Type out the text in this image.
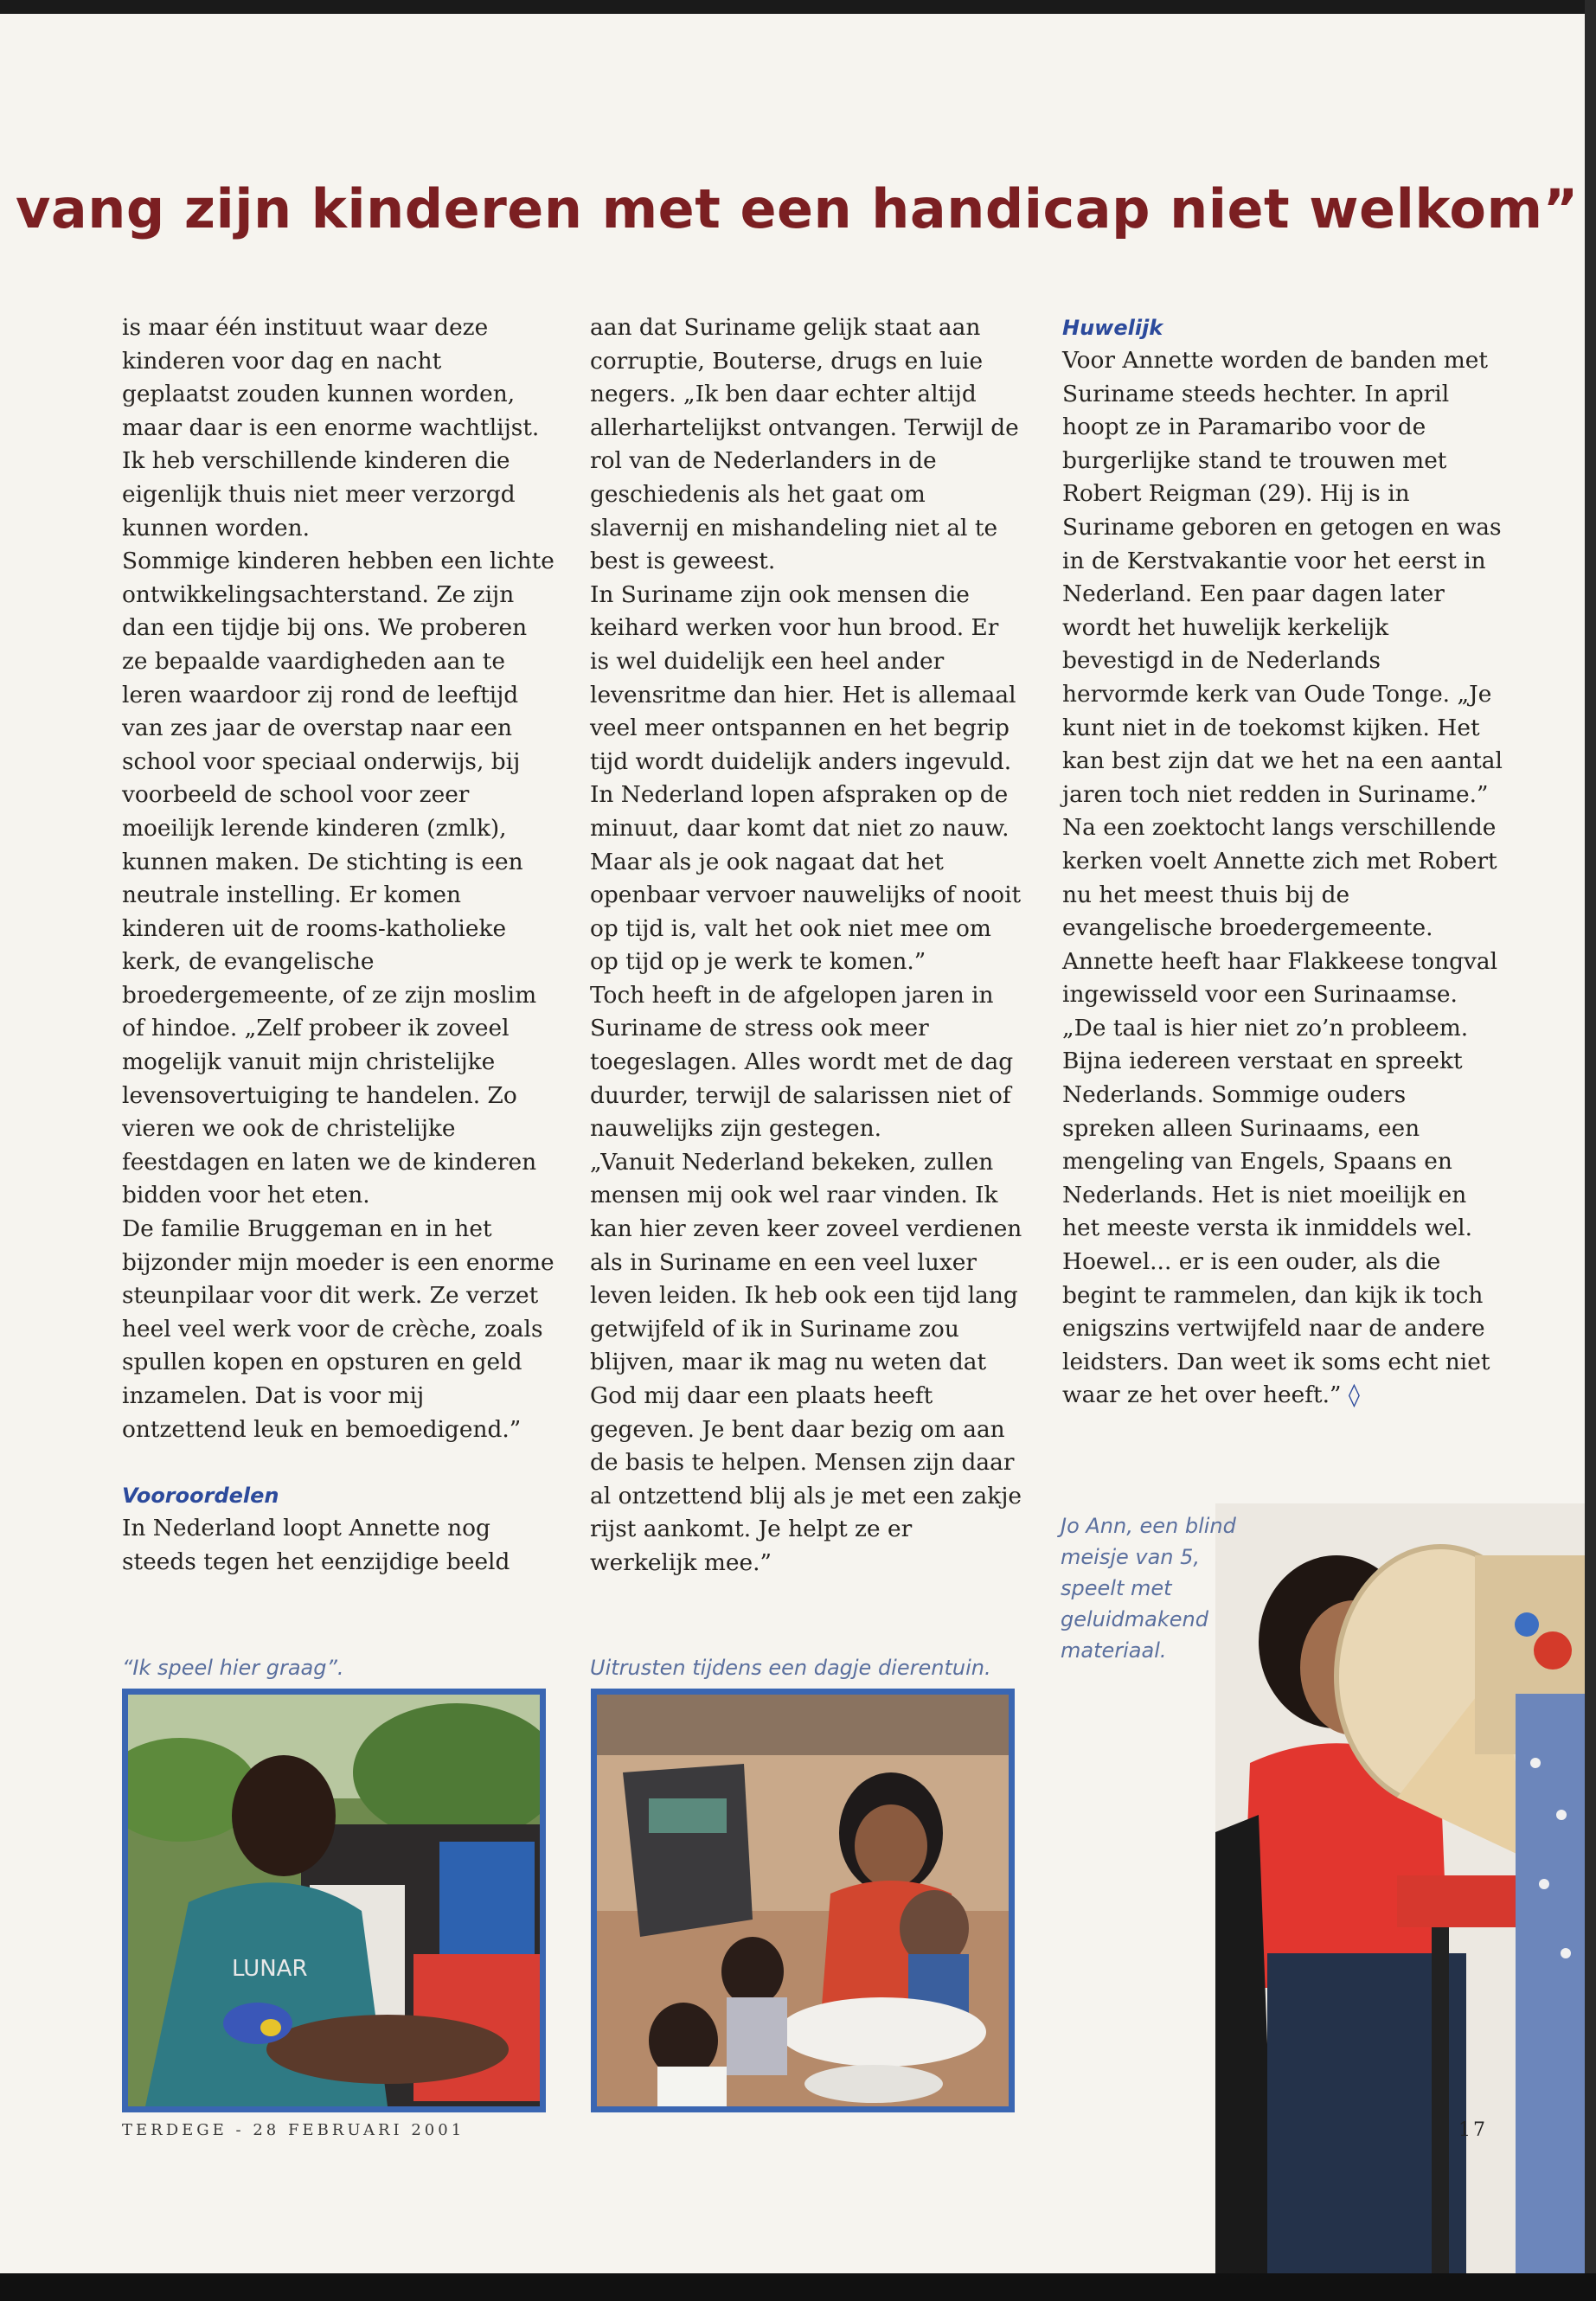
vang zijn kinderen met een handicap niet welkom”

is maar één instituut waar deze kinderen voor dag en nacht geplaatst zouden kunnen worden, maar daar is een enorme wachtlijst. Ik heb verschillende kinderen die eigenlijk thuis niet meer verzorgd kunnen worden.

Sommige kinderen hebben een lichte ontwikkelingsachterstand. Ze zijn dan een tijdje bij ons. We proberen ze bepaalde vaardigheden aan te leren waardoor zij rond de leeftijd van zes jaar de overstap naar een school voor speciaal onderwijs, bij voorbeeld de school voor zeer moeilijk lerende kinderen (zmlk), kunnen maken. De stichting is een neutrale instelling. Er komen kinderen uit de rooms-katholieke kerk, de evangelische broedergemeente, of ze zijn moslim of hindoe. „Zelf probeer ik zoveel mogelijk vanuit mijn christelijke levensovertuiging te handelen. Zo vieren we ook de christelijke feestdagen en laten we de kinderen bidden voor het eten.

De familie Bruggeman en in het bijzonder mijn moeder is een enorme steunpilaar voor dit werk. Ze verzet heel veel werk voor de crèche, zoals spullen kopen en opsturen en geld inzamelen. Dat is voor mij ontzettend leuk en bemoedigend.”

Vooroordelen

In Nederland loopt Annette nog steeds tegen het eenzijdige beeld

aan dat Suriname gelijk staat aan corruptie, Bouterse, drugs en luie negers. „Ik ben daar echter altijd allerhartelijkst ontvangen. Terwijl de rol van de Nederlanders in de geschiedenis als het gaat om slavernij en mishandeling niet al te best is geweest.

In Suriname zijn ook mensen die keihard werken voor hun brood. Er is wel duidelijk een heel ander levensritme dan hier. Het is allemaal veel meer ontspannen en het begrip tijd wordt duidelijk anders ingevuld. In Nederland lopen afspraken op de minuut, daar komt dat niet zo nauw. Maar als je ook nagaat dat het openbaar vervoer nauwelijks of nooit op tijd is, valt het ook niet mee om op tijd op je werk te komen.”

Toch heeft in de afgelopen jaren in Suriname de stress ook meer toegeslagen. Alles wordt met de dag duurder, terwijl de salarissen niet of nauwelijks zijn gestegen.

„Vanuit Nederland bekeken, zullen mensen mij ook wel raar vinden. Ik kan hier zeven keer zoveel verdienen als in Suriname en een veel luxer leven leiden. Ik heb ook een tijd lang getwijfeld of ik in Suriname zou blijven, maar ik mag nu weten dat God mij daar een plaats heeft gegeven. Je bent daar bezig om aan de basis te helpen. Mensen zijn daar al ontzettend blij als je met een zakje rijst aankomt. Je helpt ze er werkelijk mee.”

Huwelijk

Voor Annette worden de banden met Suriname steeds hechter. In april hoopt ze in Paramaribo voor de burgerlijke stand te trouwen met Robert Reigman (29). Hij is in Suriname geboren en getogen en was in de Kerstvakantie voor het eerst in Nederland. Een paar dagen later wordt het huwelijk kerkelijk bevestigd in de Nederlands hervormde kerk van Oude Tonge. „Je kunt niet in de toekomst kijken. Het kan best zijn dat we het na een aantal jaren toch niet redden in Suriname.” Na een zoektocht langs verschillende kerken voelt Annette zich met Robert nu het meest thuis bij de evangelische broedergemeente.

Annette heeft haar Flakkeese tongval ingewisseld voor een Surinaamse. „De taal is hier niet zo’n probleem. Bijna iedereen verstaat en spreekt Nederlands. Sommige ouders spreken alleen Surinaams, een mengeling van Engels, Spaans en Nederlands. Het is niet moeilijk en het meeste versta ik inmiddels wel. Hoewel... er is een ouder, als die begint te rammelen, dan kijk ik toch enigszins vertwijfeld naar de andere leidsters. Dan weet ik soms echt niet waar ze het over heeft.” ◊

“Ik speel hier graag”.	Uitrusten tijdens een dagje dierentuin.

LUNAR

Jo Ann, een blind meisje van 5, speelt met geluidmakend materiaal.

TERDEGE - 28 FEBRUARI 2001	17
